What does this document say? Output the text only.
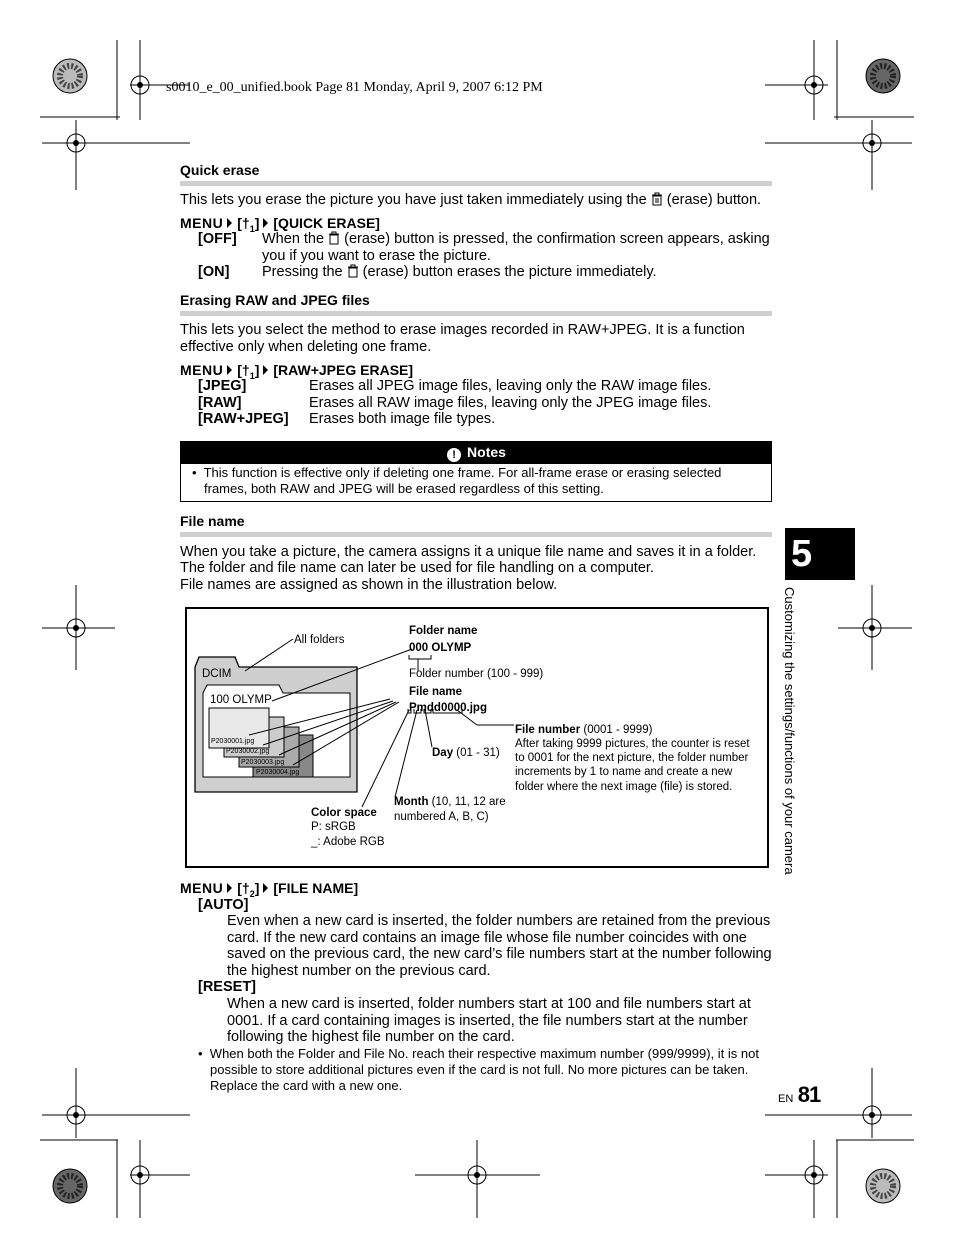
s0010_e_00_unified.book Page 81 Monday, April 9, 2007 6:12 PM
Quick erase
This lets you erase the picture you have just taken immediately using the (erase) button.
MENU $[\dagger_1]$ [QUICK ERASE]
[OFF] When the (erase) button is pressed, the confirmation screen appears, asking
you if you want to erase the picture.
[ON] Pressing the (erase) button erases the picture immediately.
Erasing RAW and JPEG files
This lets you select the method to erase images recorded in RAW+JPEG. It is a function
effective only when deleting one frame.
MENU $[\dagger_1]$ [RAW+JPEG ERASE]
[JPEG]	Erases all JPEG image files, leaving only the RAW image files.
[RAW]	Erases all RAW image files, leaving only the JPEG image files.
[RAW+JPEG] Erases both image file types.
! Notes
• This function is effective only if deleting one frame. For all-frame erase or erasing selected
frames, both RAW and JPEG will be erased regardless of this setting.
File name
When you take a picture, the camera assigns it a unique file name and saves it in a folder.
The folder and file name can later be used for file handling on a computer.
File names are assigned as shown in the illustration below.
All folders
DCIM
100 OLYMP
P2030001.jpg
P2030002.jpg
P2030003.jpg
P2030004.jpg
Folder name
000 OLYMP
Folder number (100 - 999)
File name
Pmdd0000.jpg
File number (0001 - 9999)
After taking 9999 pictures, the counter is reset
to 0001 for the next picture, the folder number
increments by 1 to name and create a new
folder where the next image (file) is stored.
Day (01 - 31)
Month (10, 11, 12 are
numbered A, B, C)
Color space
P: sRGB
_: Adobe RGB
MENU $[\dagger_2]$ [FILE NAME]
[AUTO]
Even when a new card is inserted, the folder numbers are retained from the previous
card. If the new card contains an image file whose file number coincides with one
saved on the previous card, the new card’s file numbers start at the number following
the highest number on the previous card.
[RESET]
When a new card is inserted, folder numbers start at 100 and file numbers start at
0001. If a card containing images is inserted, the file numbers start at the number
following the highest file number on the card.
• When both the Folder and File No. reach their respective maximum number (999/9999), it is not
possible to store additional pictures even if the card is not full. No more pictures can be taken.
Replace the card with a new one.
5
Customizing the settings/functions of your camera
EN 81
